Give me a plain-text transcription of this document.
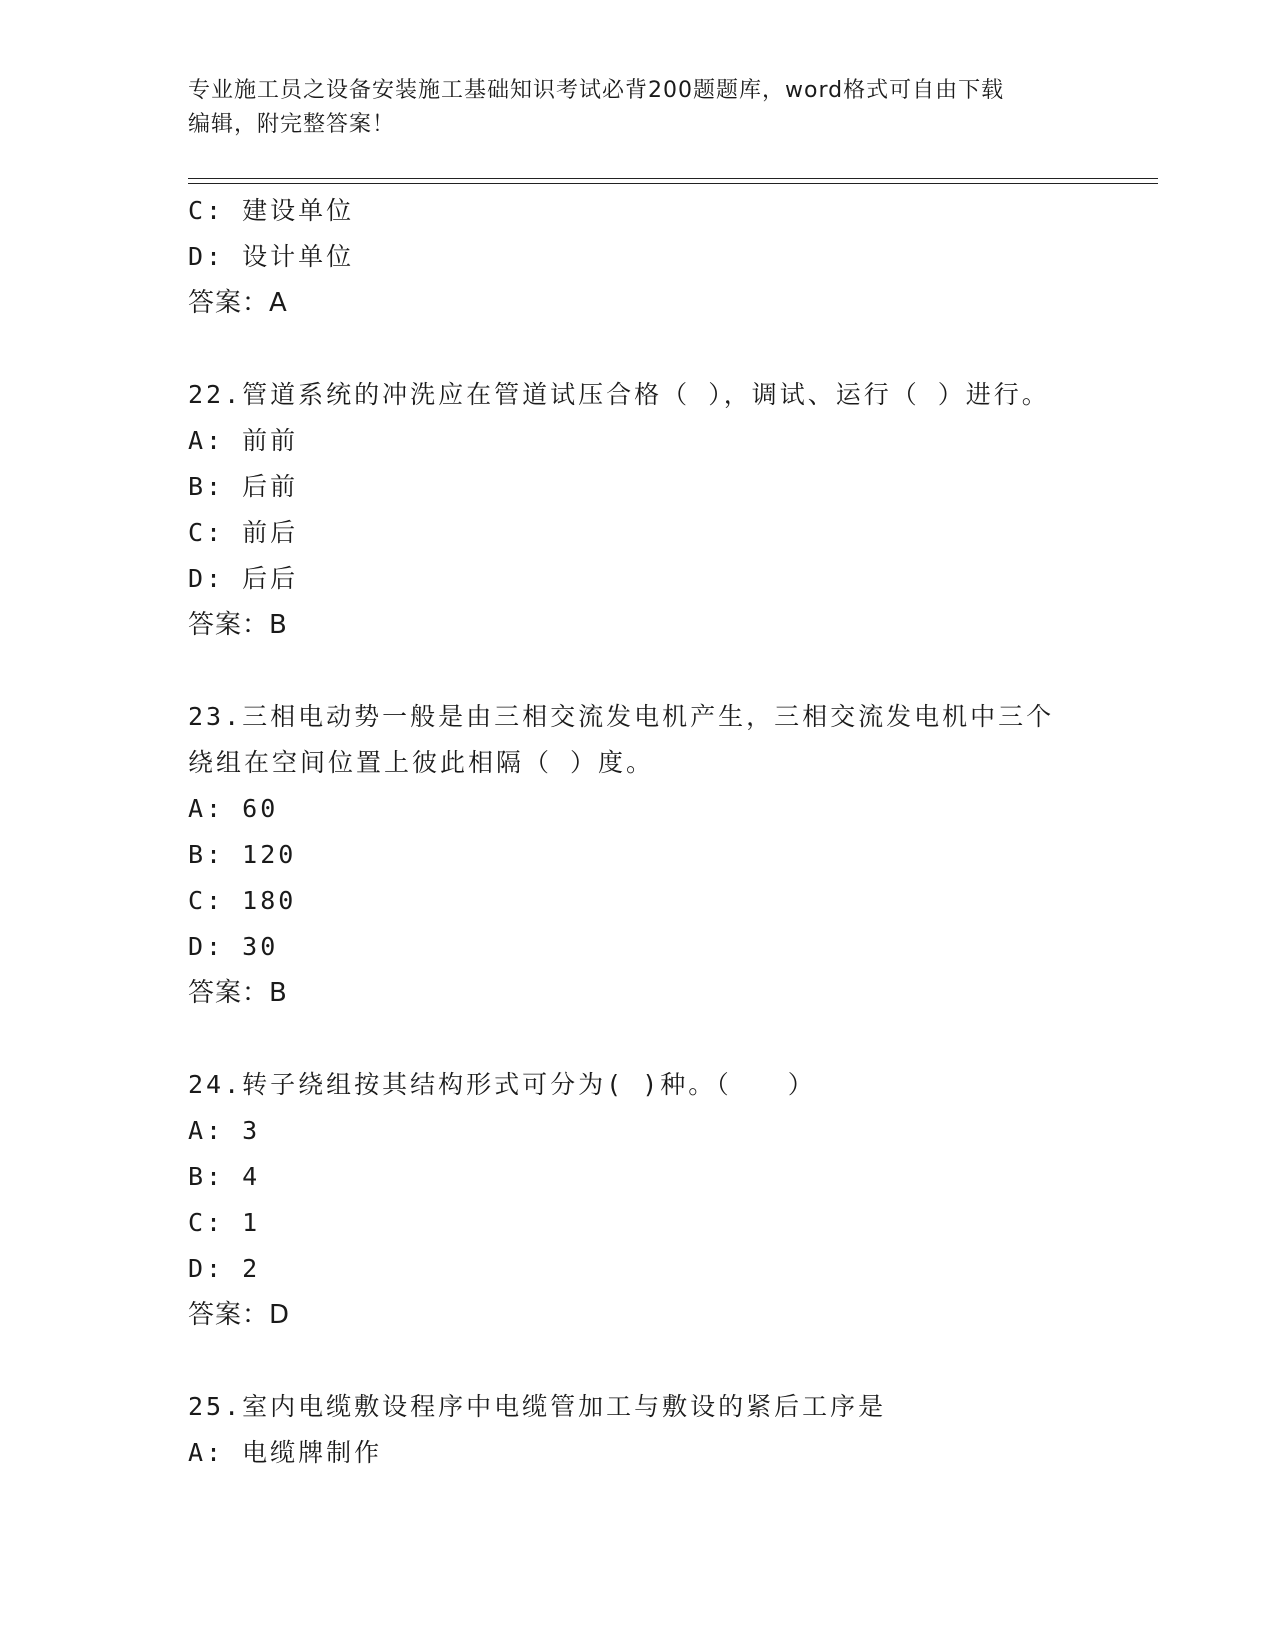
专业施工员之设备安装施工基础知识考试必背200题题库，word格式可自由下载
编辑，附完整答案！
C: 建设单位
D: 设计单位
答案：A
22.管道系统的冲洗应在管道试压合格（ ），调试、运行（ ）进行。
A: 前前
B: 后前
C: 前后
D: 后后
答案：B
23.三相电动势一般是由三相交流发电机产生，三相交流发电机中三个
绕组在空间位置上彼此相隔（ ）度。
A: 60
B: 120
C: 180
D: 30
答案：B
24.转子绕组按其结构形式可分为( )种。（　　）
A: 3
B: 4
C: 1
D: 2
答案：D
25.室内电缆敷设程序中电缆管加工与敷设的紧后工序是
A: 电缆牌制作
